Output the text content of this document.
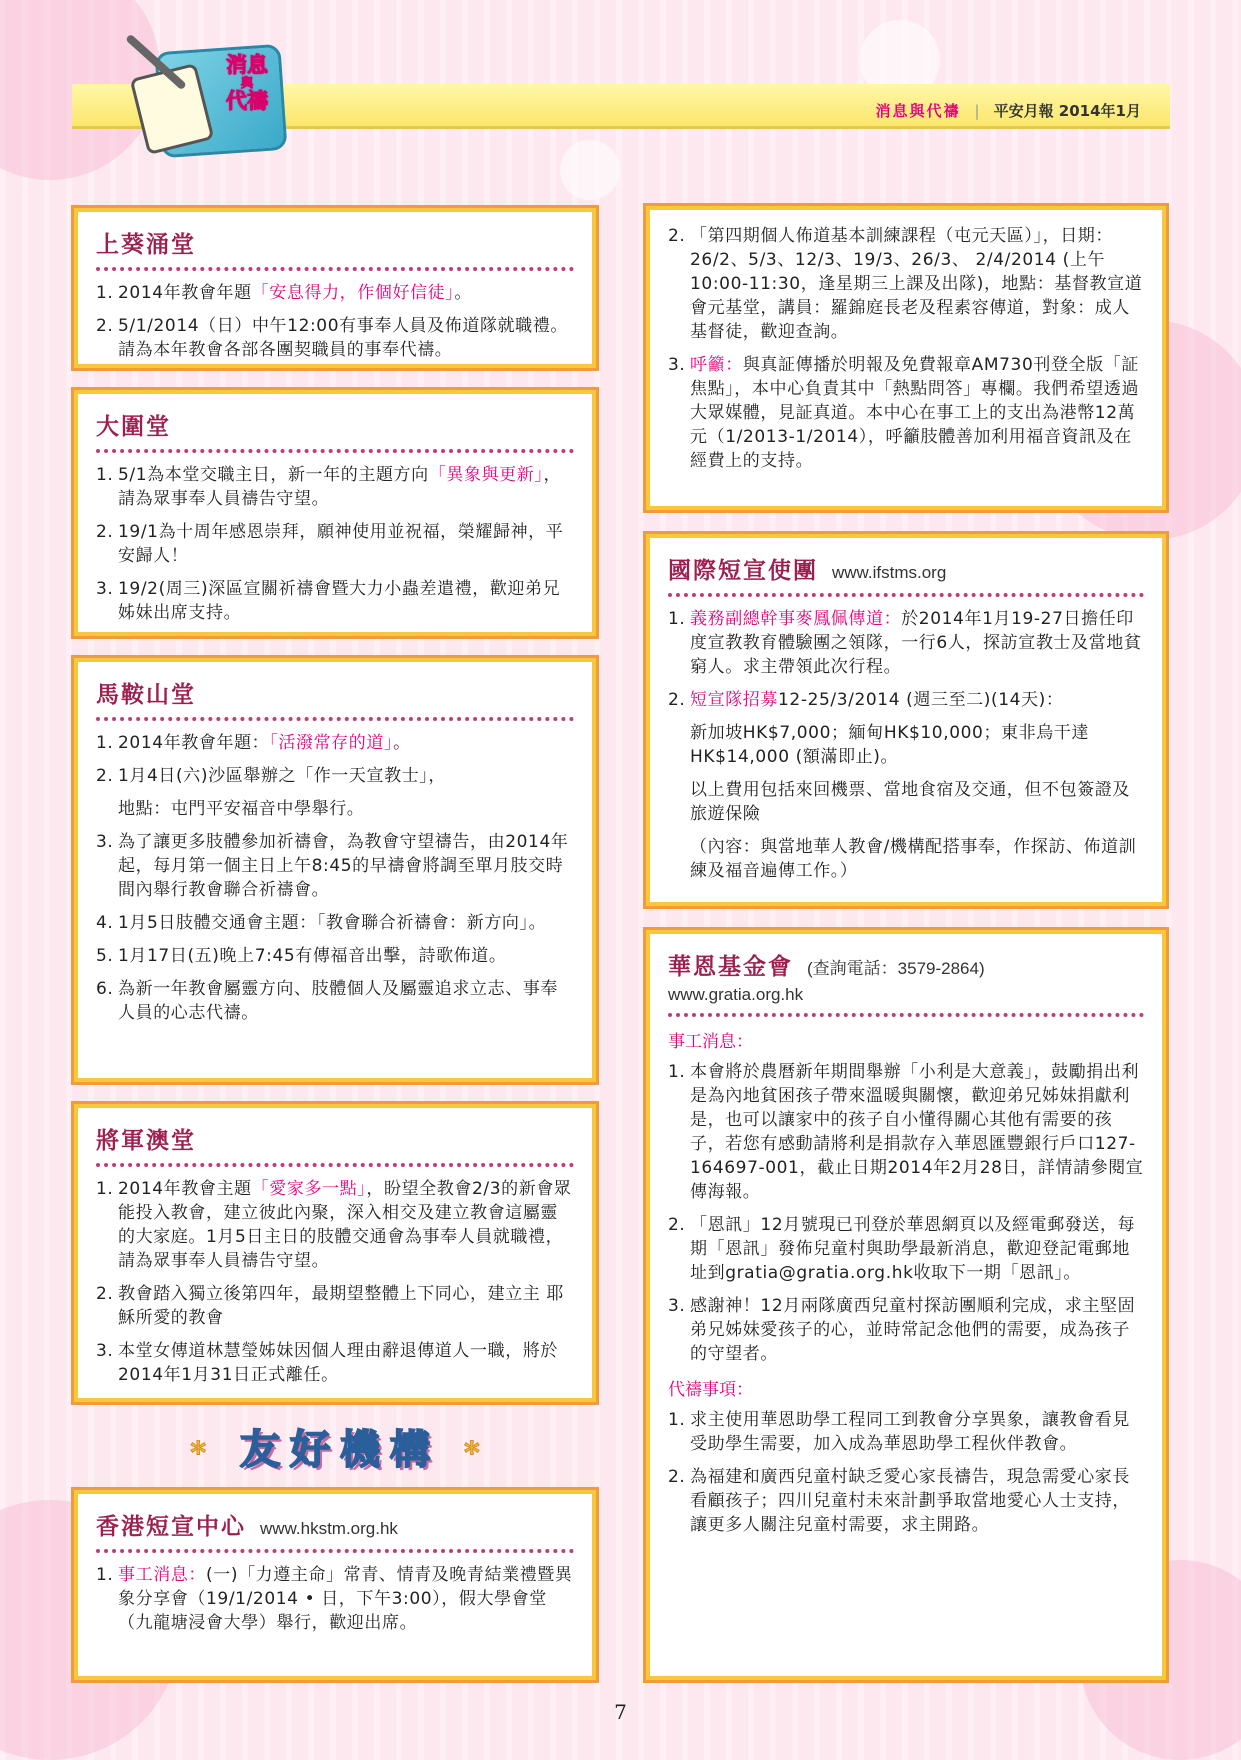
消息
與
代禱	消息與代禱 | 平安月報 2014年1月
上葵涌堂
1. 2014年教會年題「安息得力，作個好信徒」。
2. 5/1/2014（日）中午12:00有事奉人員及佈道隊就職禮。請為本年教會各部各團契職員的事奉代禱。
大圍堂
1. 5/1為本堂交職主日，新一年的主題方向「異象與更新」，請為眾事奉人員禱告守望。
2. 19/1為十周年感恩崇拜，願神使用並祝福，榮耀歸神，平安歸人！
3. 19/2(周三)深區宣關祈禱會暨大力小蟲差遣禮，歡迎弟兄姊妹出席支持。
馬鞍山堂
1. 2014年教會年題：「活潑常存的道」。
2. 1月4日(六)沙區舉辦之「作一天宣教士」，
地點：屯門平安福音中學舉行。
3. 為了讓更多肢體參加祈禱會，為教會守望禱告，由2014年起，每月第一個主日上午8:45的早禱會將調至單月肢交時間內舉行教會聯合祈禱會。
4. 1月5日肢體交通會主題：「教會聯合祈禱會：新方向」。
5. 1月17日(五)晚上7:45有傳福音出擊，詩歌佈道。
6. 為新一年教會屬靈方向、肢體個人及屬靈追求立志、事奉人員的心志代禱。
將軍澳堂
1. 2014年教會主題「愛家多一點」，盼望全教會2/3的新會眾能投入教會，建立彼此內聚，深入相交及建立教會這屬靈的大家庭。1月5日主日的肢體交通會為事奉人員就職禮，請為眾事奉人員禱告守望。
2. 教會踏入獨立後第四年，最期望整體上下同心，建立主 耶穌所愛的教會
3. 本堂女傳道林慧瑩姊妹因個人理由辭退傳道人一職，將於2014年1月31日正式離任。
* 友好機構 *
香港短宣中心 www.hkstm.org.hk
1. 事工消息：(一)「力遵主命」常青、情青及晚青結業禮暨異象分享會（19/1/2014 • 日，下午3:00），假大學會堂（九龍塘浸會大學）舉行，歡迎出席。
2. 「第四期個人佈道基本訓練課程（屯元天區）」，日期：26/2、5/3、12/3、19/3、26/3、 2/4/2014 (上午10:00-11:30，逢星期三上課及出隊)，地點：基督教宣道會元基堂，講員：羅錦庭長老及程素容傳道，對象：成人基督徒，歡迎查詢。
3. 呼籲：與真証傳播於明報及免費報章AM730刊登全版「証焦點」，本中心負責其中「熱點問答」專欄。我們希望透過大眾媒體，見証真道。本中心在事工上的支出為港幣12萬元（1/2013-1/2014），呼籲肢體善加利用福音資訊及在經費上的支持。
國際短宣使團 www.ifstms.org
1. 義務副總幹事麥鳳佩傳道：於2014年1月19-27日擔任印度宣教教育體驗團之領隊，一行6人，探訪宣教士及當地貧窮人。求主帶領此次行程。
2. 短宣隊招募12-25/3/2014 (週三至二)(14天)：
新加坡HK$7,000；緬甸HK$10,000；東非烏干達HK$14,000 (額滿即止)。
以上費用包括來回機票、當地食宿及交通，但不包簽證及旅遊保險
（內容：與當地華人教會/機構配搭事奉，作探訪、佈道訓練及福音遍傳工作。）
華恩基金會 (查詢電話：3579-2864)
www.gratia.org.hk
事工消息：
1. 本會將於農曆新年期間舉辦「小利是大意義」，鼓勵捐出利是為內地貧困孩子帶來溫暖與關懷，歡迎弟兄姊妹捐獻利是，也可以讓家中的孩子自小懂得關心其他有需要的孩子，若您有感動請將利是捐款存入華恩匯豐銀行戶口127-164697-001，截止日期2014年2月28日，詳情請參閱宣傳海報。
2. 「恩訊」12月號現已刊登於華恩網頁以及經電郵發送，每期「恩訊」發佈兒童村與助學最新消息，歡迎登記電郵地址到gratia@gratia.org.hk收取下一期「恩訊」。
3. 感謝神！12月兩隊廣西兒童村探訪團順利完成，求主堅固弟兄姊妹愛孩子的心，並時常記念他們的需要，成為孩子的守望者。
代禱事項：
1. 求主使用華恩助學工程同工到教會分享異象，讓教會看見受助學生需要，加入成為華恩助學工程伙伴教會。
2. 為福建和廣西兒童村缺乏愛心家長禱告，現急需愛心家長看顧孩子；四川兒童村未來計劃爭取當地愛心人士支持，讓更多人關注兒童村需要，求主開路。
7
